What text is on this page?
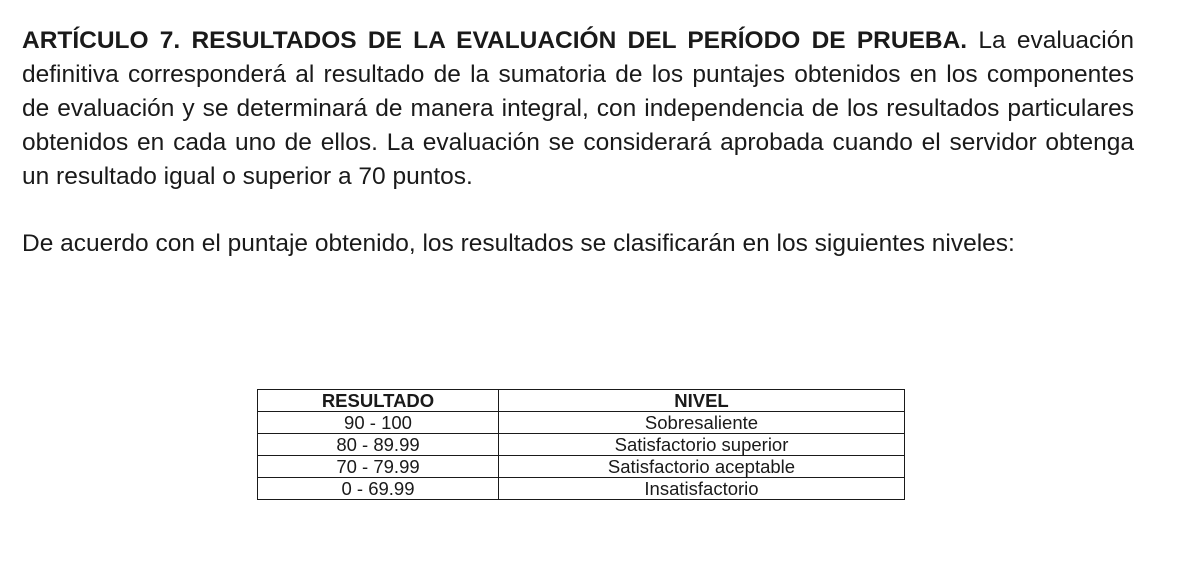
ARTÍCULO 7. RESULTADOS DE LA EVALUACIÓN DEL PERÍODO DE PRUEBA. La evaluación definitiva corresponderá al resultado de la sumatoria de los puntajes obtenidos en los componentes de evaluación y se determinará de manera integral, con independencia de los resultados particulares obtenidos en cada uno de ellos. La evaluación se considerará aprobada cuando el servidor obtenga un resultado igual o superior a 70 puntos.

De acuerdo con el puntaje obtenido, los resultados se clasificarán en los siguientes niveles:

RESULTADO	NIVEL
90 - 100	Sobresaliente
80 - 89.99	Satisfactorio superior
70 - 79.99	Satisfactorio aceptable
0 - 69.99	Insatisfactorio
